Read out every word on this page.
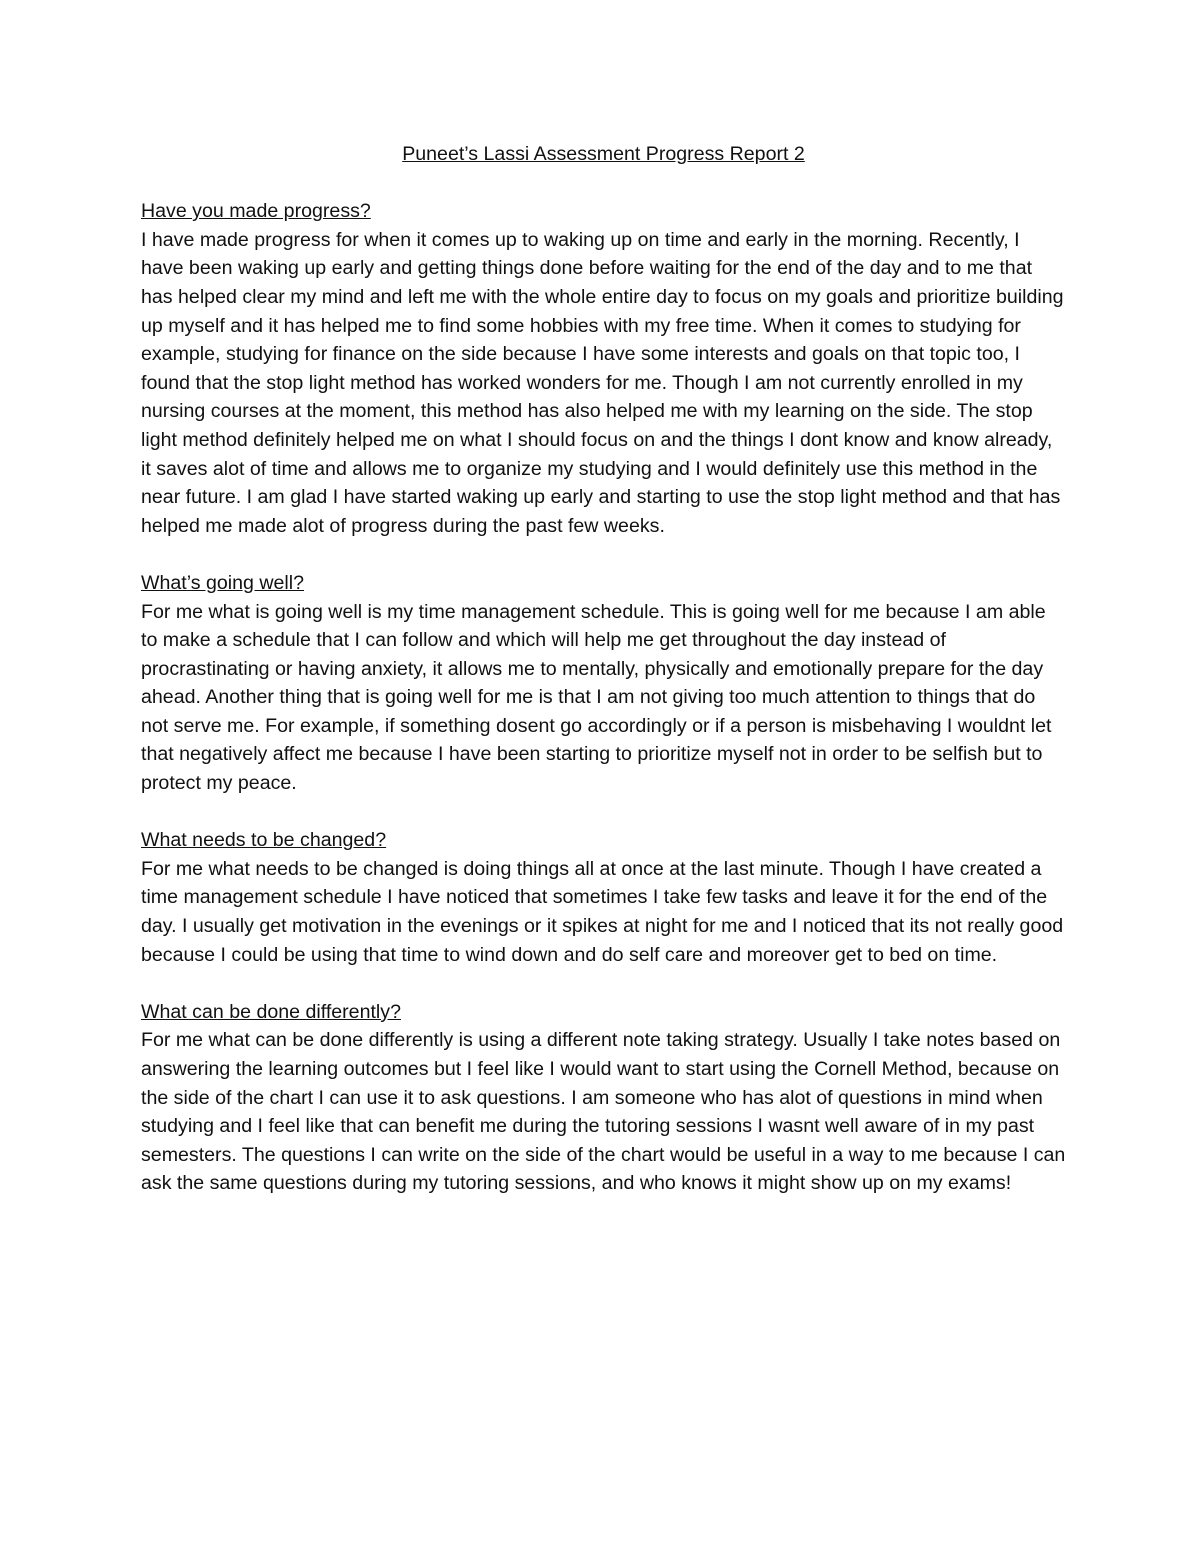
Puneet’s Lassi Assessment Progress Report 2
Have you made progress?

I have made progress for when it comes up to waking up on time and early in the morning. Recently, I have been waking up early and getting things done before waiting for the end of the day and to me that has helped clear my mind and left me with the whole entire day to focus on my goals and prioritize building up myself and it has helped me to find some hobbies with my free time. When it comes to studying for example, studying for finance on the side because I have some interests and goals on that topic too, I found that the stop light method has worked wonders for me. Though I am not currently enrolled in my nursing courses at the moment, this method has also helped me with my learning on the side. The stop light method definitely helped me on what I should focus on and the things I dont know and know already, it saves alot of time and allows me to organize my studying and I would definitely use this method in the near future. I am glad I have started waking up early and starting to use the stop light method and that has helped me made alot of progress during the past few weeks.

What’s going well?

For me what is going well is my time management schedule. This is going well for me because I am able to make a schedule that I can follow and which will help me get throughout the day instead of procrastinating or having anxiety, it allows me to mentally, physically and emotionally prepare for the day ahead. Another thing that is going well for me is that I am not giving too much attention to things that do not serve me. For example, if something dosent go accordingly or if a person is misbehaving I wouldnt let that negatively affect me because I have been starting to prioritize myself not in order to be selfish but to protect my peace.

What needs to be changed?

For me what needs to be changed is doing things all at once at the last minute. Though I have created a time management schedule I have noticed that sometimes I take few tasks and leave it for the end of the day. I usually get motivation in the evenings or it spikes at night for me and I noticed that its not really good because I could be using that time to wind down and do self care and moreover get to bed on time.

What can be done differently?

For me what can be done differently is using a different note taking strategy. Usually I take notes based on answering the learning outcomes but I feel like I would want to start using the Cornell Method, because on the side of the chart I can use it to ask questions. I am someone who has alot of questions in mind when studying and I feel like that can benefit me during the tutoring sessions I wasnt well aware of in my past semesters. The questions I can write on the side of the chart would be useful in a way to me because I can ask the same questions during my tutoring sessions, and who knows it might show up on my exams!
